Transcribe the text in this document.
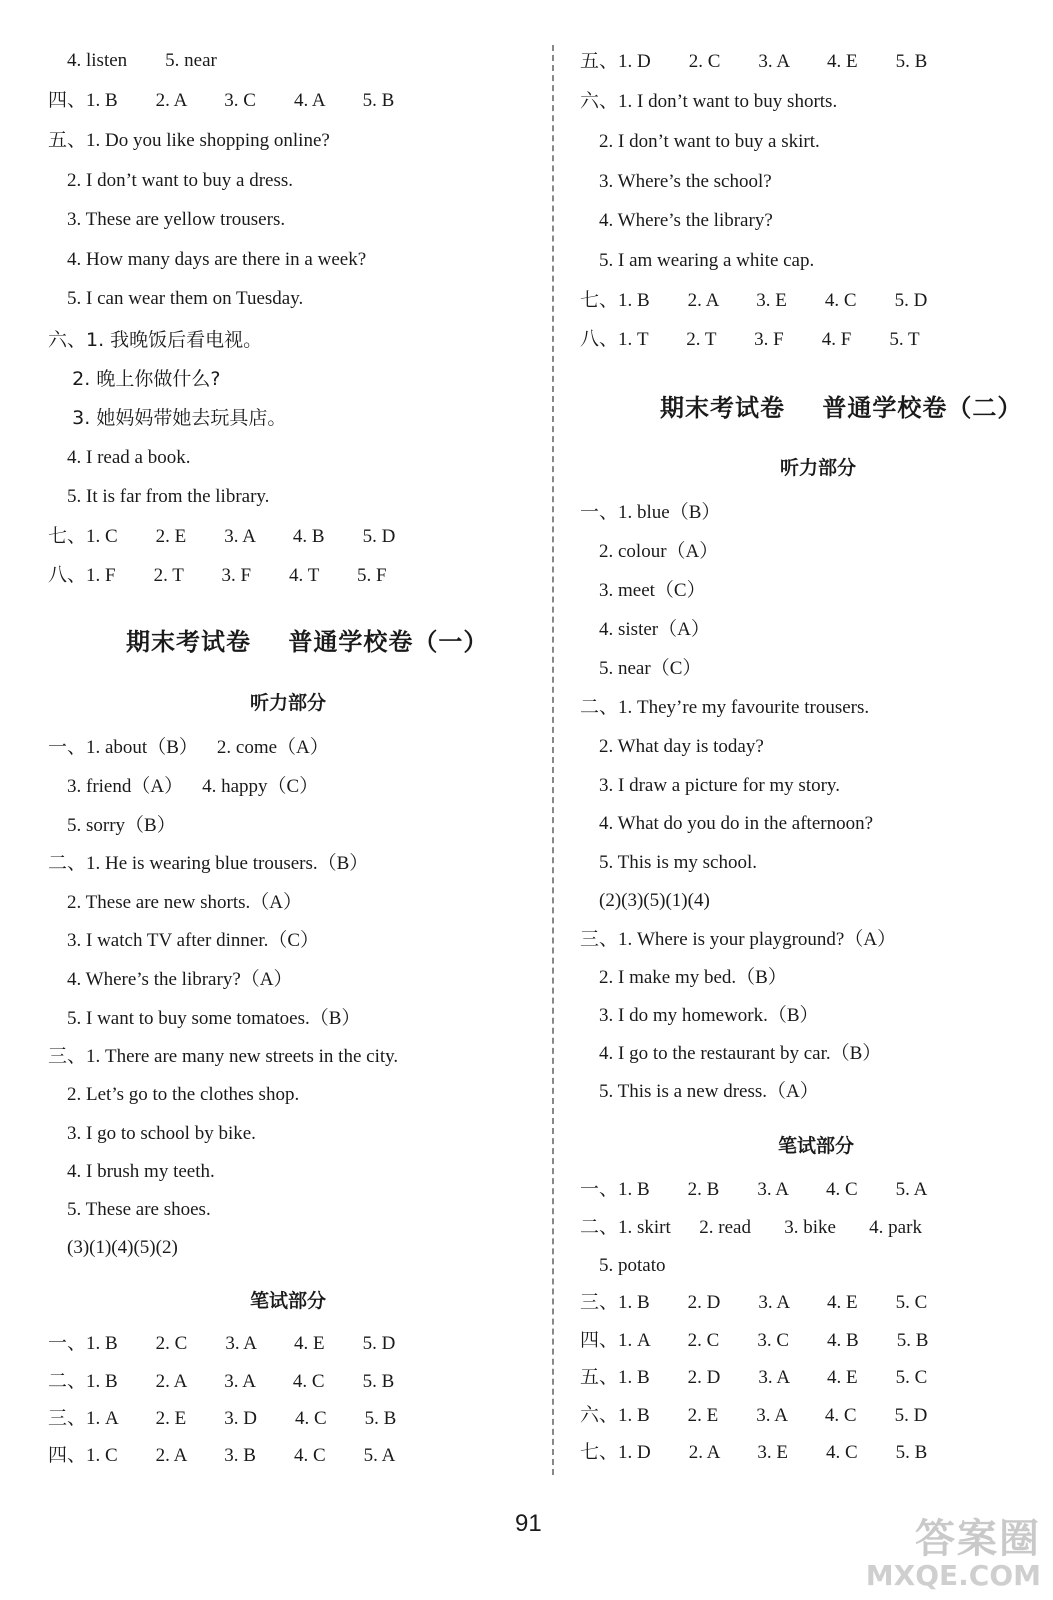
4. listen        5. near
四、1. B        2. A        3. C        4. A        5. B
五、1. Do you like shopping online?
2. I don’t want to buy a dress.
3. These are yellow trousers.
4. How many days are there in a week?
5. I can wear them on Tuesday.
六、1. 我晚饭后看电视。
2. 晚上你做什么?
3. 她妈妈带她去玩具店。
4. I read a book.
5. It is far from the library.
七、1. C        2. E        3. A        4. B        5. D
八、1. F        2. T        3. F        4. T        5. F
期末考试卷    普通学校卷（一）
听力部分
一、1. about（B）    2. come（A）
3. friend（A）    4. happy（C）
5. sorry（B）
二、1. He is wearing blue trousers.（B）
2. These are new shorts.（A）
3. I watch TV after dinner.（C）
4. Where’s the library?（A）
5. I want to buy some tomatoes.（B）
三、1. There are many new streets in the city.
2. Let’s go to the clothes shop.
3. I go to school by bike.
4. I brush my teeth.
5. These are shoes.
(3)(1)(4)(5)(2)
笔试部分
一、1. B        2. C        3. A        4. E        5. D
二、1. B        2. A        3. A        4. C        5. B
三、1. A        2. E        3. D        4. C        5. B
四、1. C        2. A        3. B        4. C        5. A
五、1. D        2. C        3. A        4. E        5. B
六、1. I don’t want to buy shorts.
2. I don’t want to buy a skirt.
3. Where’s the school?
4. Where’s the library?
5. I am wearing a white cap.
七、1. B        2. A        3. E        4. C        5. D
八、1. T        2. T        3. F        4. F        5. T
期末考试卷    普通学校卷（二）
听力部分
一、1. blue（B）
2. colour（A）
3. meet（C）
4. sister（A）
5. near（C）
二、1. They’re my favourite trousers.
2. What day is today?
3. I draw a picture for my story.
4. What do you do in the afternoon?
5. This is my school.
(2)(3)(5)(1)(4)
三、1. Where is your playground?（A）
2. I make my bed.（B）
3. I do my homework.（B）
4. I go to the restaurant by car.（B）
5. This is a new dress.（A）
笔试部分
一、1. B        2. B        3. A        4. C        5. A
二、1. skirt      2. read       3. bike       4. park
5. potato
三、1. B        2. D        3. A        4. E        5. C
四、1. A        2. C        3. C        4. B        5. B
五、1. B        2. D        3. A        4. E        5. C
六、1. B        2. E        3. A        4. C        5. D
七、1. D        2. A        3. E        4. C        5. B
91	答案圈
MXQE.COM
